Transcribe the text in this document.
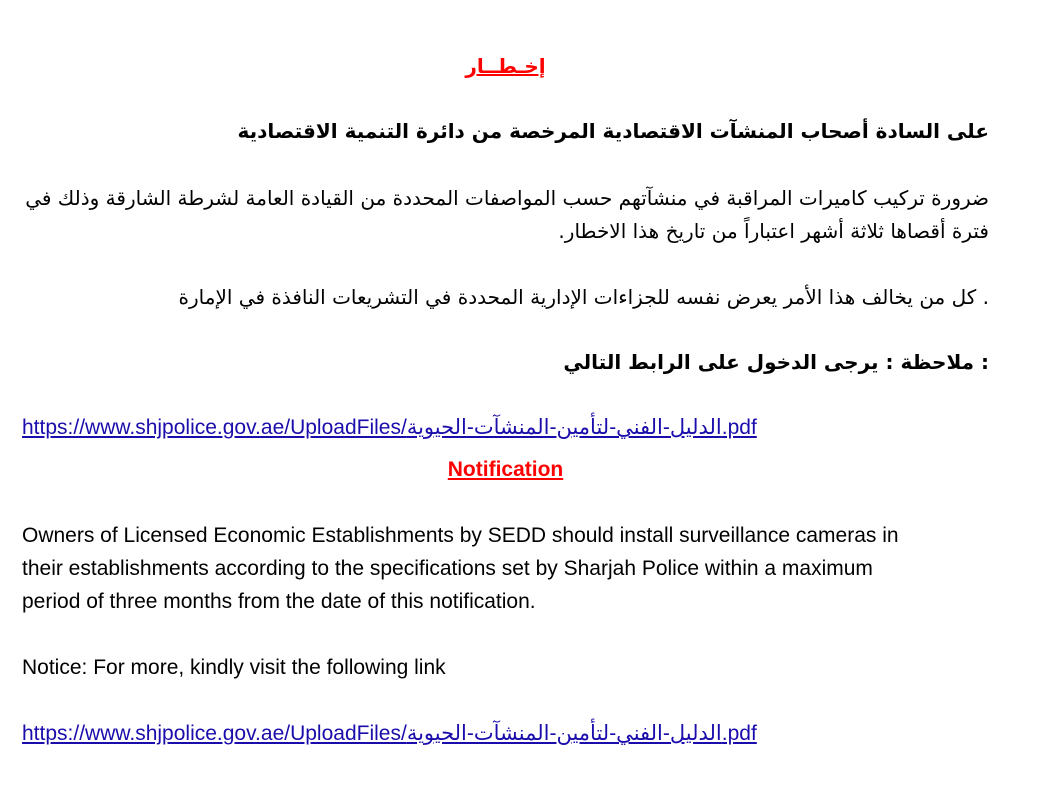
إخـطــار
على السادة أصحاب المنشآت الاقتصادية المرخصة من دائرة التنمية الاقتصادية
ضرورة تركيب كاميرات المراقبة في منشآتهم حسب المواصفات المحددة من القيادة العامة لشرطة الشارقة وذلك في
فترة أقصاها ثلاثة أشهر اعتباراً من تاريخ هذا الاخطار.
. كل من يخالف هذا الأمر يعرض نفسه للجزاءات الإدارية المحددة في التشريعات النافذة في الإمارة
: ملاحظة : يرجى الدخول على الرابط التالي
https://www.shjpolice.gov.ae/UploadFiles/الدليل-الفني-لتأمين-المنشآت-الحيوية.pdf
Notification
Owners of Licensed Economic Establishments by SEDD should install surveillance cameras in
their establishments according to the specifications set by Sharjah Police within a maximum
period of three months from the date of this notification.
Notice: For more, kindly visit the following link
https://www.shjpolice.gov.ae/UploadFiles/الدليل-الفني-لتأمين-المنشآت-الحيوية.pdf
